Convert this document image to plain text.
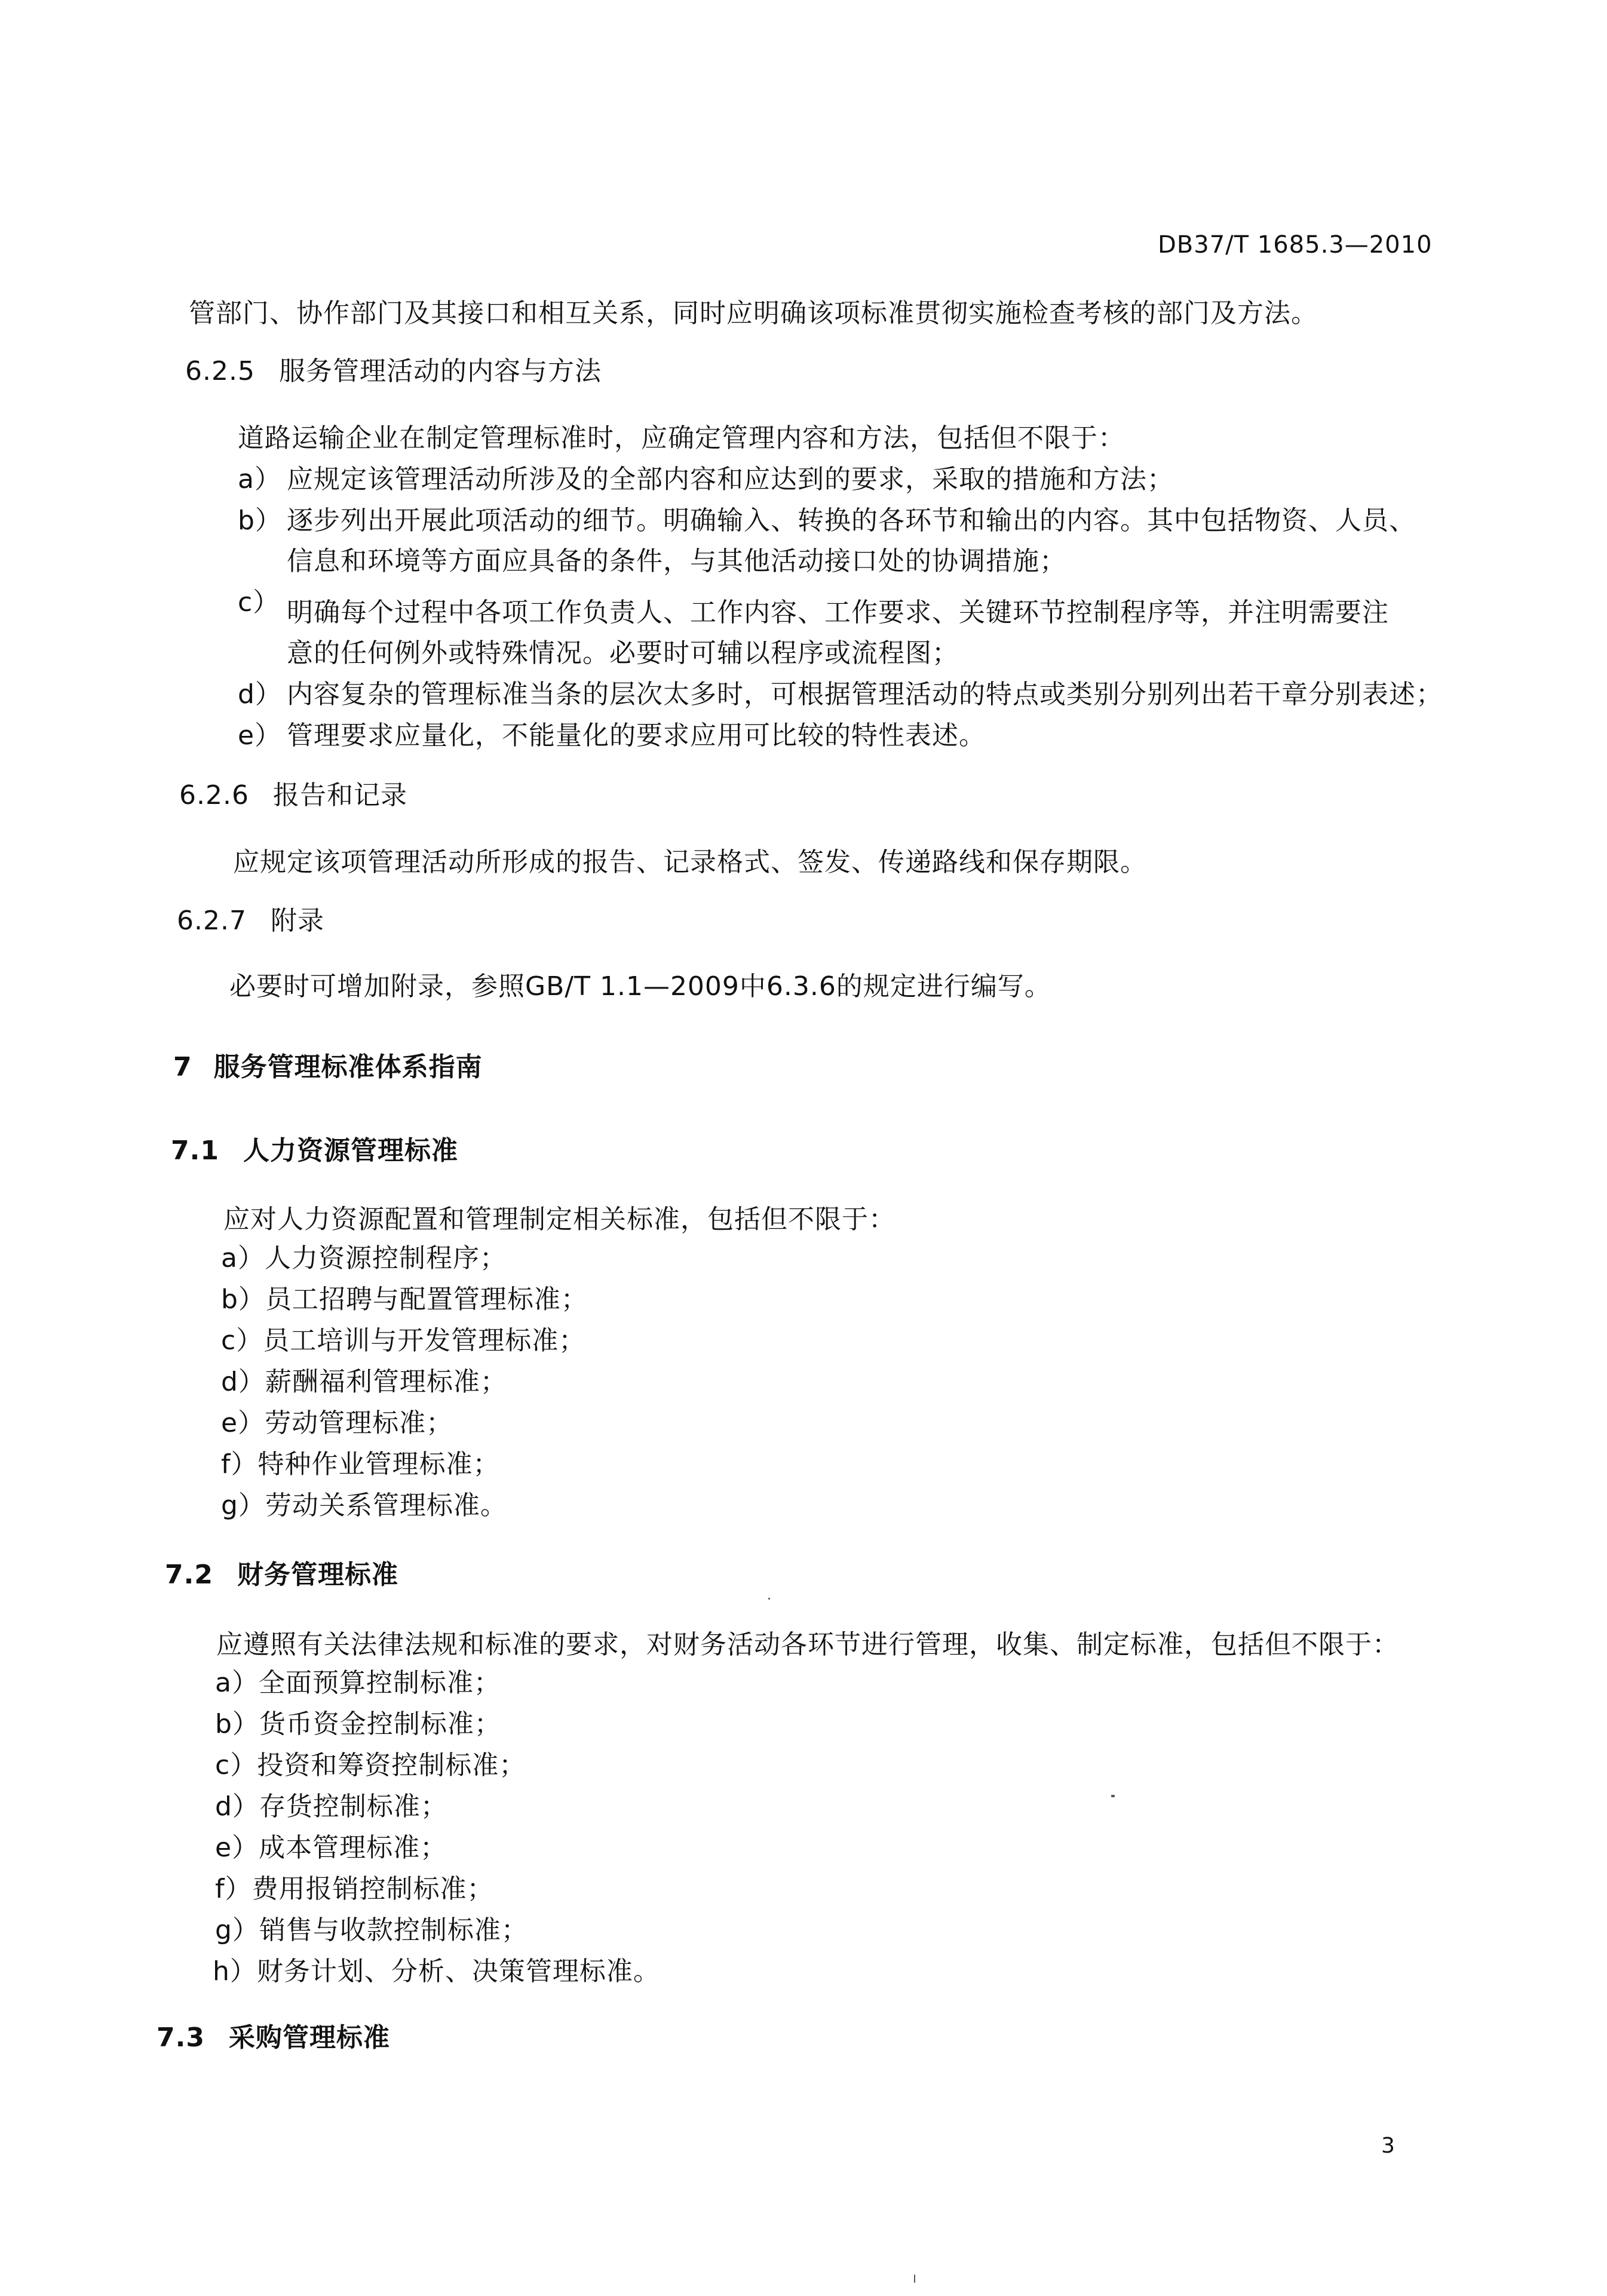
DB37/T 1685.3—2010
管部门、协作部门及其接口和相互关系，同时应明确该项标准贯彻实施检查考核的部门及方法。
6.2.5 服务管理活动的内容与方法
道路运输企业在制定管理标准时，应确定管理内容和方法，包括但不限于：
a） 应规定该管理活动所涉及的全部内容和应达到的要求，采取的措施和方法；
b） 逐步列出开展此项活动的细节。明确输入、转换的各环节和输出的内容。其中包括物资、人员、
信息和环境等方面应具备的条件，与其他活动接口处的协调措施；
c） 明确每个过程中各项工作负责人、工作内容、工作要求、关键环节控制程序等，并注明需要注
意的任何例外或特殊情况。必要时可辅以程序或流程图；
d） 内容复杂的管理标准当条的层次太多时，可根据管理活动的特点或类别分别列出若干章分别表述；
e） 管理要求应量化，不能量化的要求应用可比较的特性表述。
6.2.6 报告和记录
应规定该项管理活动所形成的报告、记录格式、签发、传递路线和保存期限。
6.2.7 附录
必要时可增加附录，参照GB/T 1.1—2009中6.3.6的规定进行编写。
7 服务管理标准体系指南
7.1 人力资源管理标准
应对人力资源配置和管理制定相关标准，包括但不限于：
a）人力资源控制程序；
b）员工招聘与配置管理标准；
c）员工培训与开发管理标准；
d）薪酬福利管理标准；
e）劳动管理标准；
f）特种作业管理标准；
g）劳动关系管理标准。
7.2 财务管理标准
应遵照有关法律法规和标准的要求，对财务活动各环节进行管理，收集、制定标准，包括但不限于：
a）全面预算控制标准；
b）货币资金控制标准；
c）投资和筹资控制标准；
d）存货控制标准；
e）成本管理标准；
f）费用报销控制标准；
g）销售与收款控制标准；
h）财务计划、分析、决策管理标准。
7.3 采购管理标准
3
